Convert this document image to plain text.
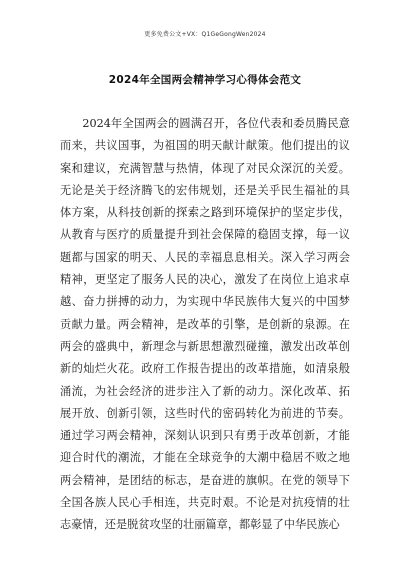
更多免费公文+VX：Q1GeGongWen2024
2024年全国两会精神学习心得体会范文

2024年全国两会的圆满召开，各位代表和委员腾民意而来，共议国事，为祖国的明天献计献策。他们提出的议案和建议，充满智慧与热情，体现了对民众深沉的关爱。无论是关于经济腾飞的宏伟规划，还是关乎民生福祉的具体方案，从科技创新的探索之路到环境保护的坚定步伐，从教育与医疗的质量提升到社会保障的稳固支撑，每一议题都与国家的明天、人民的幸福息息相关。深入学习两会精神，更坚定了服务人民的决心，激发了在岗位上追求卓越、奋力拼搏的动力，为实现中华民族伟大复兴的中国梦贡献力量。两会精神，是改革的引擎，是创新的泉源。在两会的盛典中，新理念与新思想激烈碰撞，激发出改革创新的灿烂火花。政府工作报告提出的改革措施，如清泉般涌流，为社会经济的进步注入了新的动力。深化改革、拓展开放、创新引领，这些时代的密码转化为前进的节奏。通过学习两会精神，深刻认识到只有勇于改革创新，才能迎合时代的潮流，才能在全球竞争的大潮中稳居不败之地两会精神，是团结的标志，是奋进的旗帜。在党的领导下全国各族人民心手相连，共克时艰。不论是对抗疫情的壮志豪情，还是脱贫攻坚的壮丽篇章，都彰显了中华民族心
